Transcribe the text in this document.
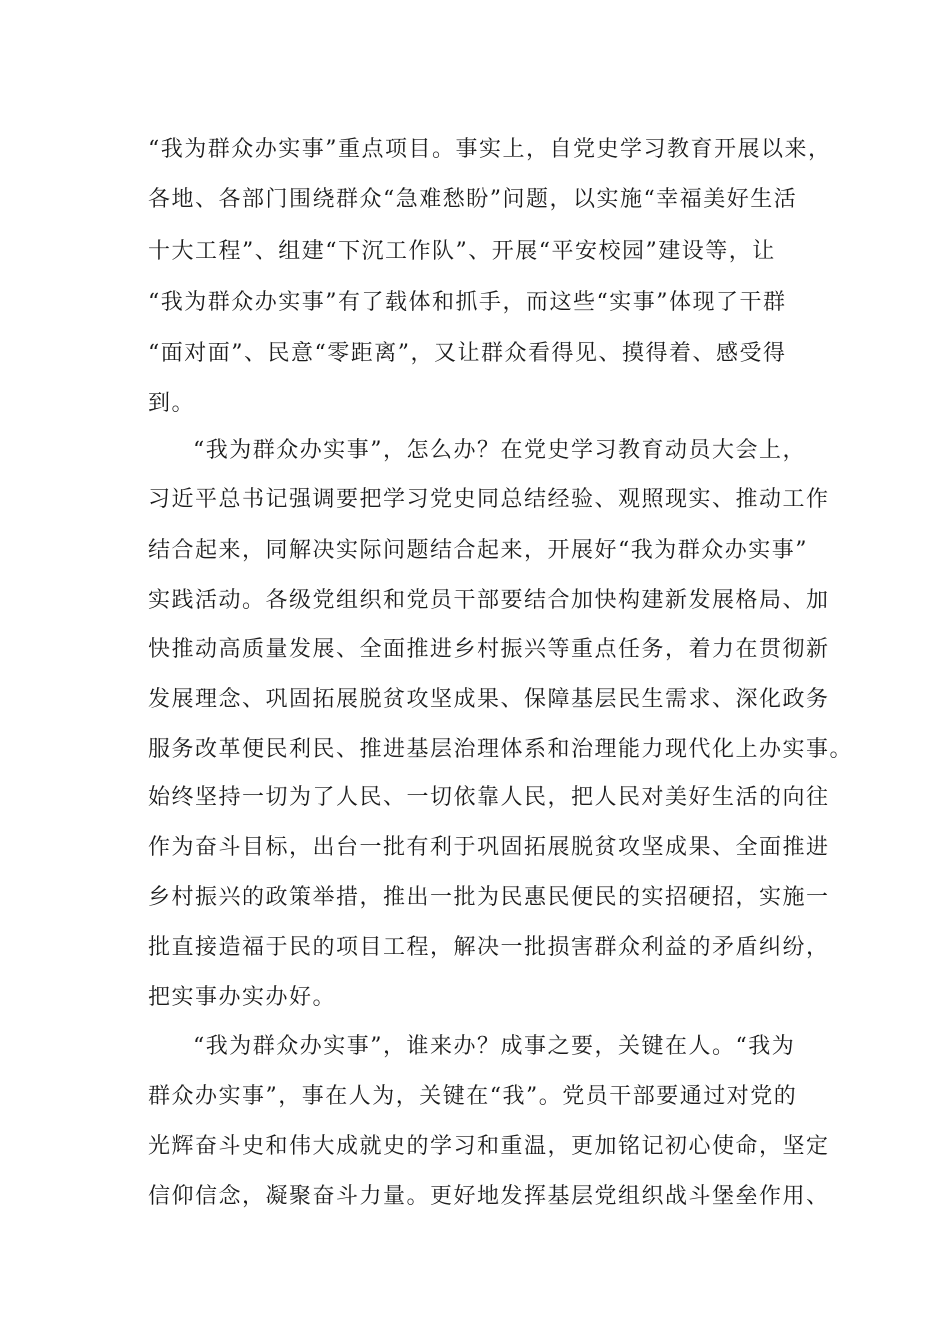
“我为群众办实事”重点项目。事实上，自党史学习教育开展以来，
各地、各部门围绕群众“急难愁盼”问题，以实施“幸福美好生活
十大工程”、组建“下沉工作队”、开展“平安校园”建设等，让
“我为群众办实事”有了载体和抓手，而这些“实事”体现了干群
“面对面”、民意“零距离”，又让群众看得见、摸得着、感受得
到。
“我为群众办实事”，怎么办？在党史学习教育动员大会上，
习近平总书记强调要把学习党史同总结经验、观照现实、推动工作
结合起来，同解决实际问题结合起来，开展好“我为群众办实事”
实践活动。各级党组织和党员干部要结合加快构建新发展格局、加
快推动高质量发展、全面推进乡村振兴等重点任务，着力在贯彻新
发展理念、巩固拓展脱贫攻坚成果、保障基层民生需求、深化政务
服务改革便民利民、推进基层治理体系和治理能力现代化上办实事。
始终坚持一切为了人民、一切依靠人民，把人民对美好生活的向往
作为奋斗目标，出台一批有利于巩固拓展脱贫攻坚成果、全面推进
乡村振兴的政策举措，推出一批为民惠民便民的实招硬招，实施一
批直接造福于民的项目工程，解决一批损害群众利益的矛盾纠纷，
把实事办实办好。
“我为群众办实事”，谁来办？成事之要，关键在人。“我为
群众办实事”，事在人为，关键在“我”。党员干部要通过对党的
光辉奋斗史和伟大成就史的学习和重温，更加铭记初心使命，坚定
信仰信念，凝聚奋斗力量。更好地发挥基层党组织战斗堡垒作用、
